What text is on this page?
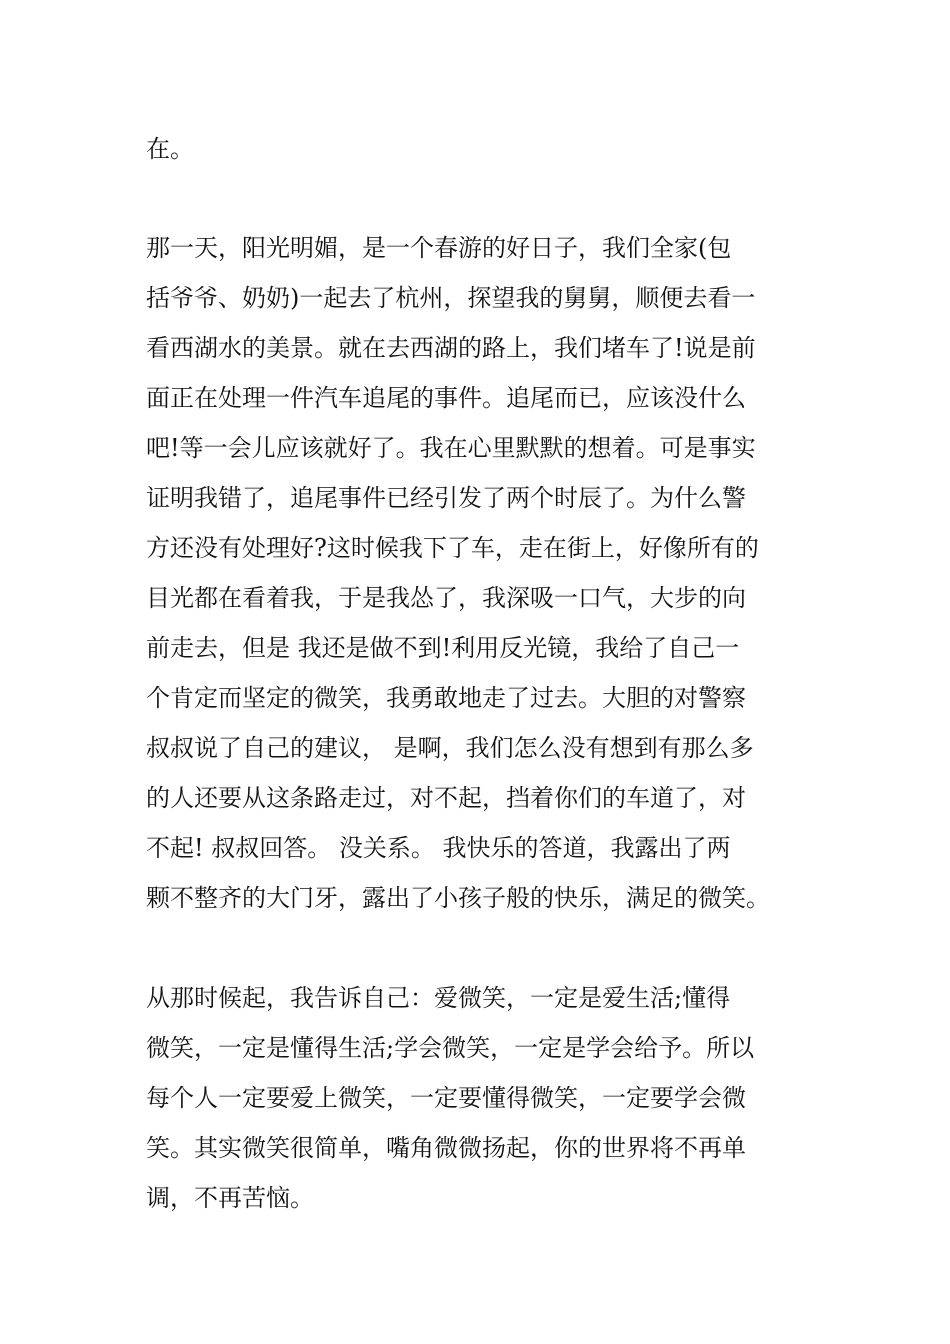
在。

那一天，阳光明媚，是一个春游的好日子，我们全家(包

括爷爷、奶奶)一起去了杭州，探望我的舅舅，顺便去看一

看西湖水的美景。就在去西湖的路上，我们堵车了!说是前

面正在处理一件汽车追尾的事件。追尾而已，应该没什么

吧!等一会儿应该就好了。我在心里默默的想着。可是事实

证明我错了，追尾事件已经引发了两个时辰了。为什么警

方还没有处理好?这时候我下了车，走在街上，好像所有的

目光都在看着我，于是我怂了，我深吸一口气，大步的向

前走去，但是 我还是做不到!利用反光镜，我给了自己一

个肯定而坚定的微笑，我勇敢地走了过去。大胆的对警察

叔叔说了自己的建议， 是啊，我们怎么没有想到有那么多

的人还要从这条路走过，对不起，挡着你们的车道了，对

不起! 叔叔回答。 没关系。 我快乐的答道，我露出了两

颗不整齐的大门牙，露出了小孩子般的快乐，满足的微笑。

从那时候起，我告诉自己：爱微笑，一定是爱生活;懂得

微笑，一定是懂得生活;学会微笑，一定是学会给予。所以

每个人一定要爱上微笑，一定要懂得微笑，一定要学会微

笑。其实微笑很简单，嘴角微微扬起，你的世界将不再单

调，不再苦恼。
